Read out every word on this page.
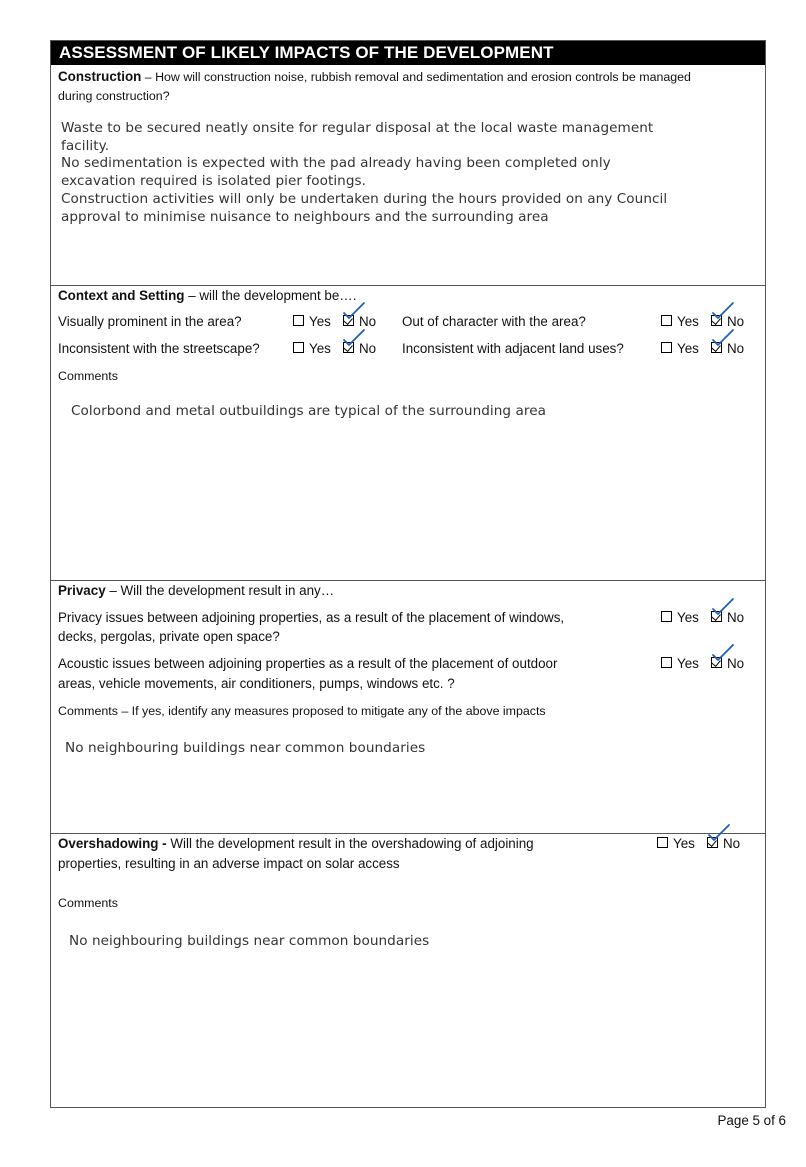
ASSESSMENT OF LIKELY IMPACTS OF THE DEVELOPMENT
Construction – How will construction noise, rubbish removal and sedimentation and erosion controls be managed
during construction?
Waste to be secured neatly onsite for regular disposal at the local waste management
facility.
No sedimentation is expected with the pad already having been completed only
excavation required is isolated pier footings.
Construction activities will only be undertaken during the hours provided on any Council
approval to minimise nuisance to neighbours and the surrounding area
Context and Setting – will the development be….
Visually prominent in the area?	Yes	No Out of character with the area?	Yes	No
Inconsistent with the streetscape?	Yes	No Inconsistent with adjacent land uses?	Yes	No
Comments
Colorbond and metal outbuildings are typical of the surrounding area
Privacy – Will the development result in any…
Privacy issues between adjoining properties, as a result of the placement of windows,
decks, pergolas, private open space?
Yes	No
Acoustic issues between adjoining properties as a result of the placement of outdoor
areas, vehicle movements, air conditioners, pumps, windows etc. ?
Yes	No
Comments – If yes, identify any measures proposed to mitigate any of the above impacts
No neighbouring buildings near common boundaries
Overshadowing - Will the development result in the overshadowing of adjoining
properties, resulting in an adverse impact on solar access
Yes	No
Comments
No neighbouring buildings near common boundaries
Page 5 of 6
